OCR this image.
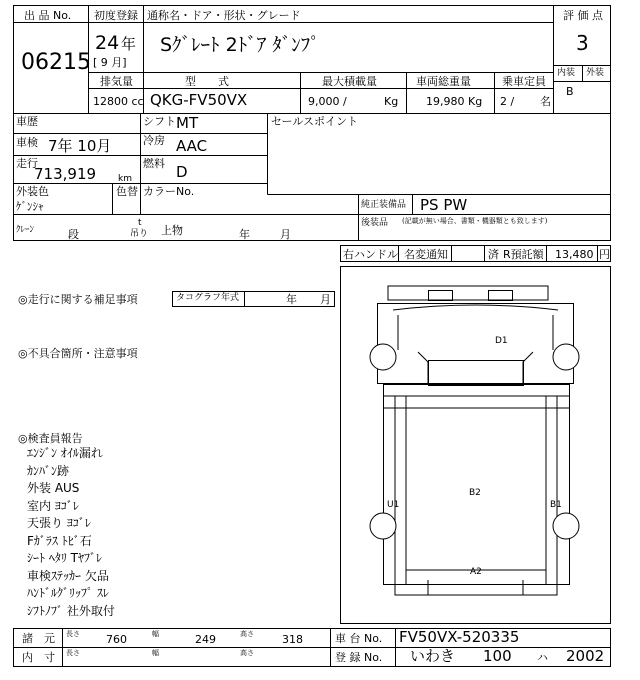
出 品 No.
06215
初度登録
24 年
[ 9 月]
通称名・ドア・形状・グレード
Sｸﾞﾚｰﾄ 2ﾄﾞｱ ﾀﾞﾝﾌﾟ
評 価 点
3
内装 外装
B
排気量
12800 cc
型　　式
QKG-FV50VX
最大積載量
9,000 /	Kg
車両総重量
19,980 Kg
乗車定員
2 / 名
車歴	シフト MT	セールスポイント
車検 7年 10月	冷房 AAC
走行
713,919 km
燃料 D
外装色
ｹﾞﾝｼｬ
色替 カラーNo.
純正装備品 PS PW
後装品 (記載が無い場合、書類・機器類とも致します)
ｸﾚｰﾝ	段
t
吊り 上物	年	月
右ハンドル 名変通知	済 R預託額 13,480 円
◎走行に関する補足事項	タコグラフ年式	年 月
◎不具合箇所・注意事項
◎検査員報告
ｴﾝｼﾞﾝ ｵｲﾙ漏れ
ｶﾝﾊﾞﾝ跡
外装 AUS
室内 ﾖｺﾞﾚ
天張り ﾖｺﾞﾚ
Fｶﾞﾗｽ ﾄﾋﾞ石
ｼｰﾄ ﾍﾀﾘ Tﾔﾌﾞﾚ
車検ｽﾃｯｶｰ 欠品
ﾊﾝﾄﾞﾙｸﾞﾘｯﾌﾟ ｽﾚ
ｼﾌﾄﾉﾌﾞ 社外取付
D1
B2
U1	B1
A2
諸　元 長さ 760	幅	249	高さ	318	車 台 No. FV50VX-520335
内　寸 長さ	幅	高さ	登 録 No. いわき 100 ハ 2002
